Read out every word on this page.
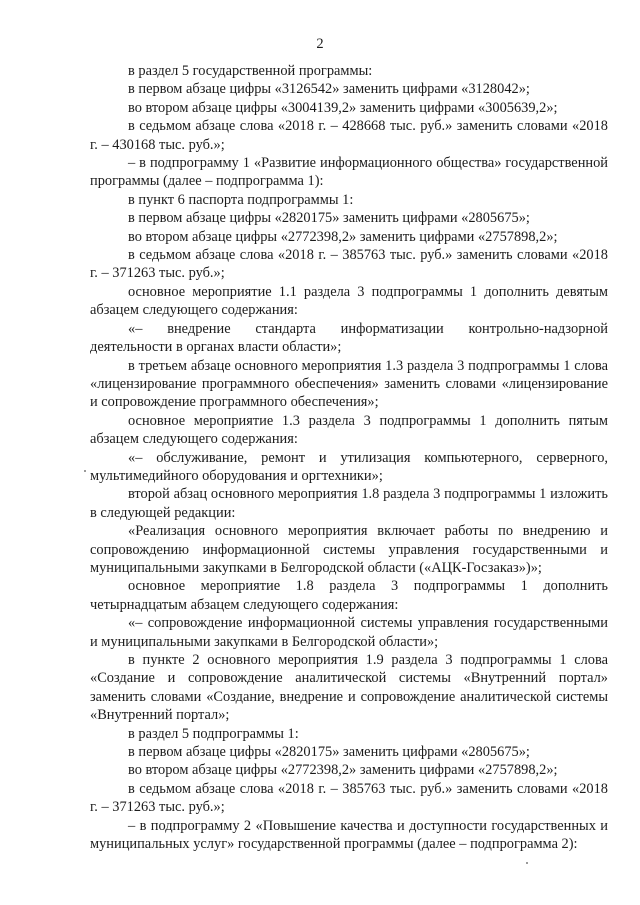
2

в раздел 5 государственной программы:

в первом абзаце цифры «3126542» заменить цифрами «3128042»;

во втором абзаце цифры «3004139,2» заменить цифрами «3005639,2»;

в седьмом абзаце слова «2018 г. – 428668 тыс. руб.» заменить словами «2018 г. – 430168 тыс. руб.»;

– в подпрограмму 1 «Развитие информационного общества» государственной программы (далее – подпрограмма 1):

в пункт 6 паспорта подпрограммы 1:

в первом абзаце цифры «2820175» заменить цифрами «2805675»;

во втором абзаце цифры «2772398,2» заменить цифрами «2757898,2»;

в седьмом абзаце слова «2018 г. – 385763 тыс. руб.» заменить словами «2018 г. – 371263 тыс. руб.»;

основное мероприятие 1.1 раздела 3 подпрограммы 1 дополнить девятым абзацем следующего содержания:

«– внедрение стандарта информатизации контрольно-надзорной деятельности в органах власти области»;

в третьем абзаце основного мероприятия 1.3 раздела 3 подпрограммы 1 слова «лицензирование программного обеспечения» заменить словами «лицензирование и сопровождение программного обеспечения»;

основное мероприятие 1.3 раздела 3 подпрограммы 1 дополнить пятым абзацем следующего содержания:

«– обслуживание, ремонт и утилизация компьютерного, серверного, мультимедийного оборудования и оргтехники»;

второй абзац основного мероприятия 1.8 раздела 3 подпрограммы 1 изложить в следующей редакции:

«Реализация основного мероприятия включает работы по внедрению и сопровождению информационной системы управления государственными и муниципальными закупками в Белгородской области («АЦК-Госзаказ»)»;

основное мероприятие 1.8 раздела 3 подпрограммы 1 дополнить четырнадцатым абзацем следующего содержания:

«– сопровождение информационной системы управления государственными и муниципальными закупками в Белгородской области»;

в пункте 2 основного мероприятия 1.9 раздела 3 подпрограммы 1 слова «Создание и сопровождение аналитической системы «Внутренний портал» заменить словами «Создание, внедрение и сопровождение аналитической системы «Внутренний портал»;

в раздел 5 подпрограммы 1:

в первом абзаце цифры «2820175» заменить цифрами «2805675»;

во втором абзаце цифры «2772398,2» заменить цифрами «2757898,2»;

в седьмом абзаце слова «2018 г. – 385763 тыс. руб.» заменить словами «2018 г. – 371263 тыс. руб.»;

– в подпрограмму 2 «Повышение качества и доступности государственных и муниципальных услуг» государственной программы (далее – подпрограмма 2):
